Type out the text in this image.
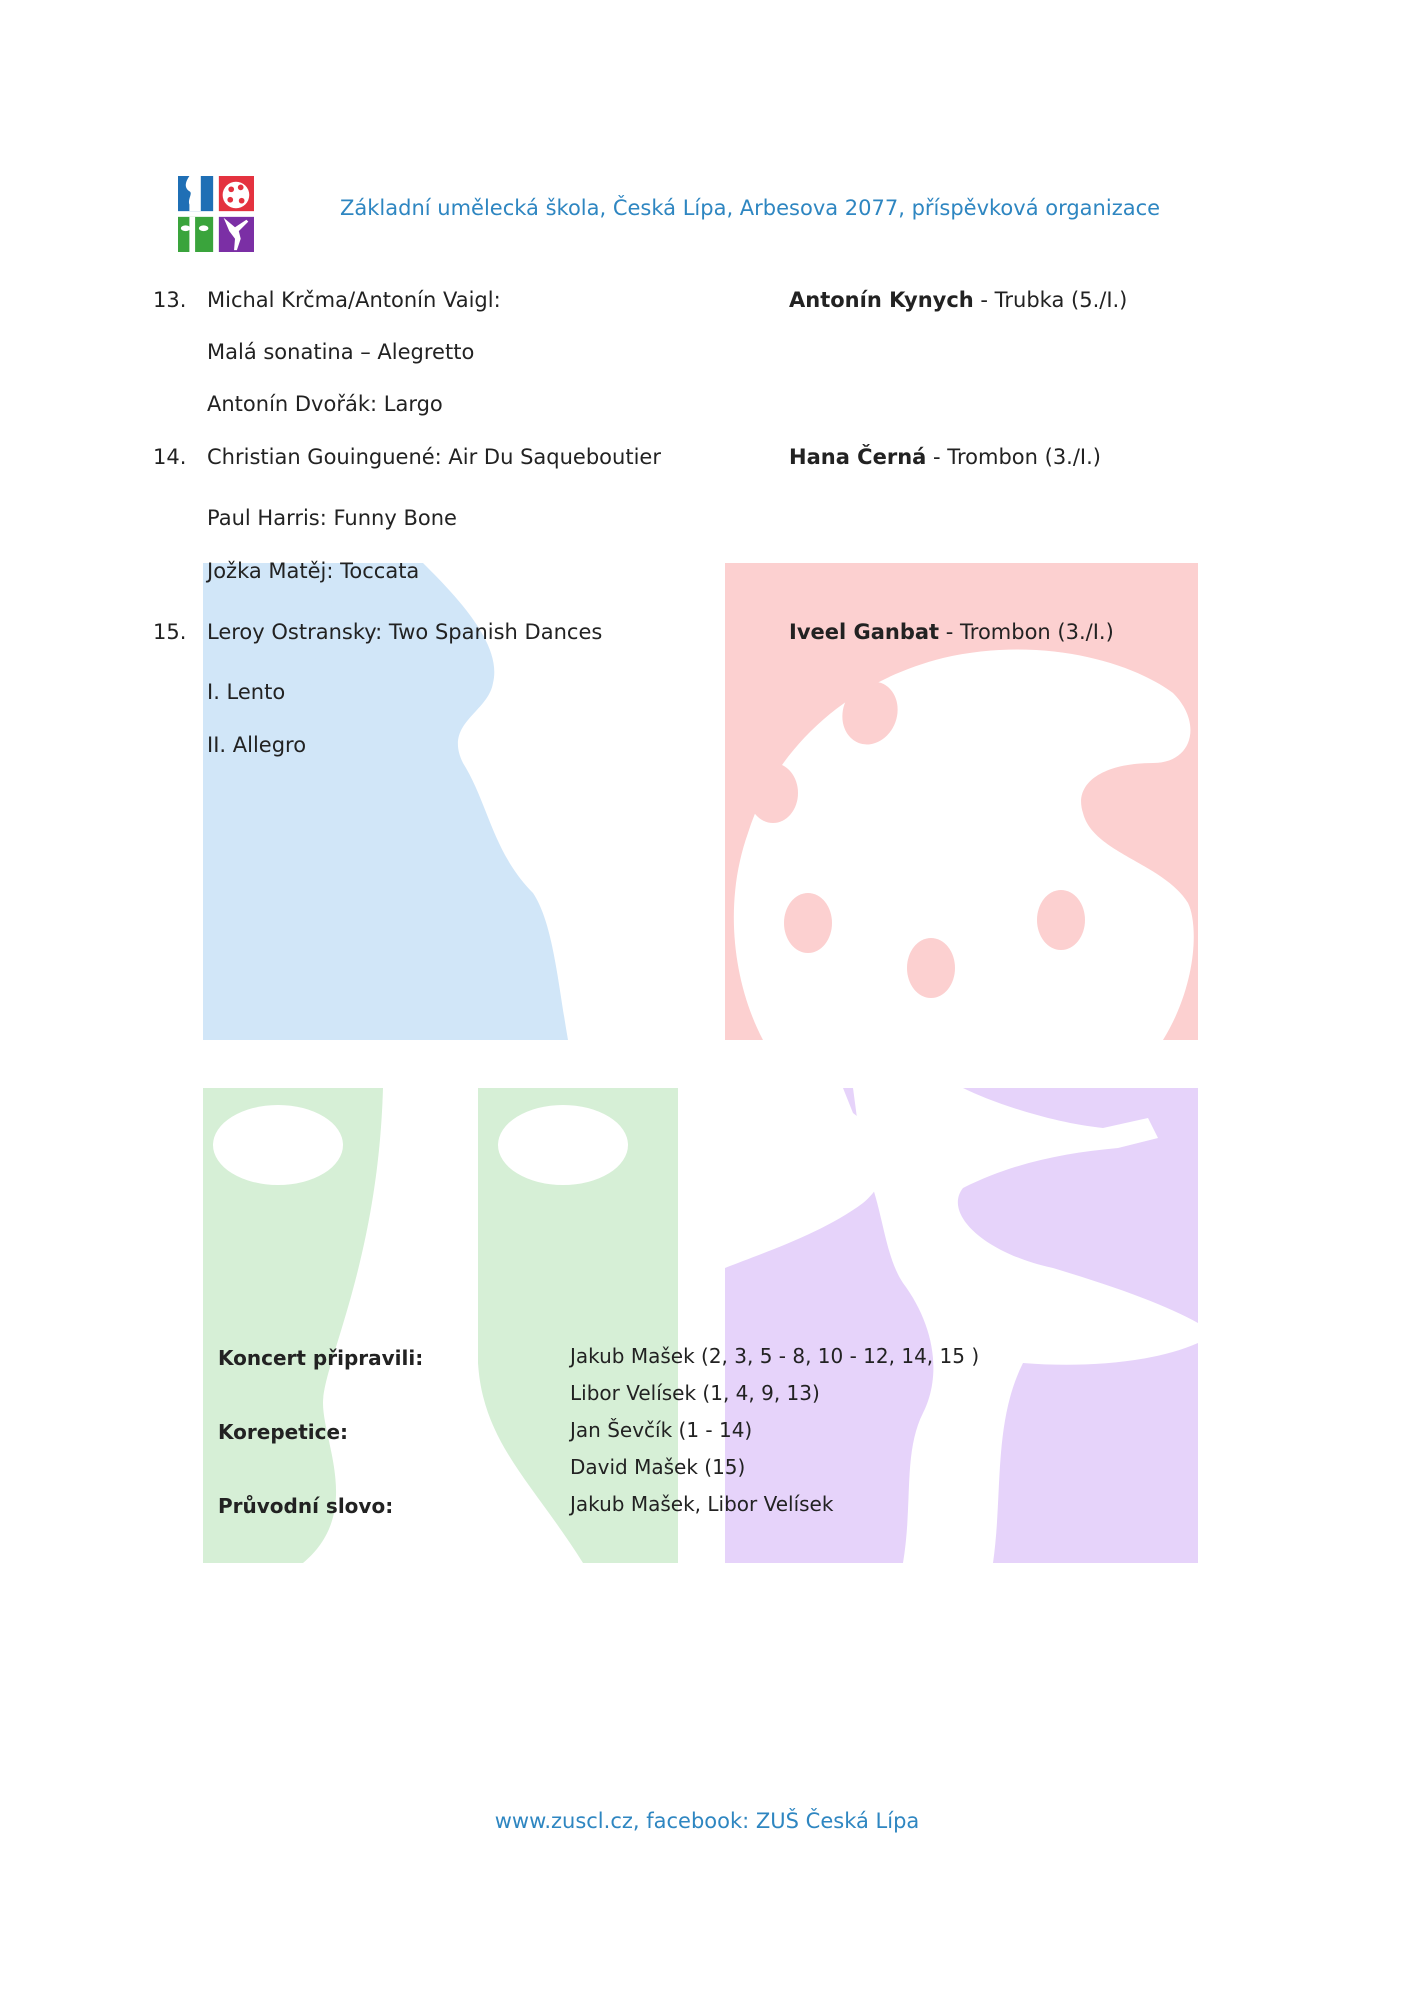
Základní umělecká škola, Česká Lípa, Arbesova 2077, příspěvková organizace
13. Michal Krčma/Antonín Vaigl:
Malá sonatina – Alegretto
Antonín Dvořák: Largo
Antonín Kynych - Trubka (5./I.)
14. Christian Gouinguené: Air Du Saqueboutier
Paul Harris: Funny Bone
Jožka Matěj: Toccata
Hana Černá - Trombon (3./I.)
15. Leroy Ostransky: Two Spanish Dances
I. Lento
II. Allegro
Iveel Ganbat - Trombon (3./I.)
Koncert připravili:	Jakub Mašek (2, 3, 5 - 8, 10 - 12, 14, 15 )
Libor Velísek (1, 4, 9, 13)
Korepetice:	Jan Ševčík (1 - 14)
David Mašek (15)
Průvodní slovo:	Jakub Mašek, Libor Velísek
www.zuscl.cz, facebook: ZUŠ Česká Lípa
